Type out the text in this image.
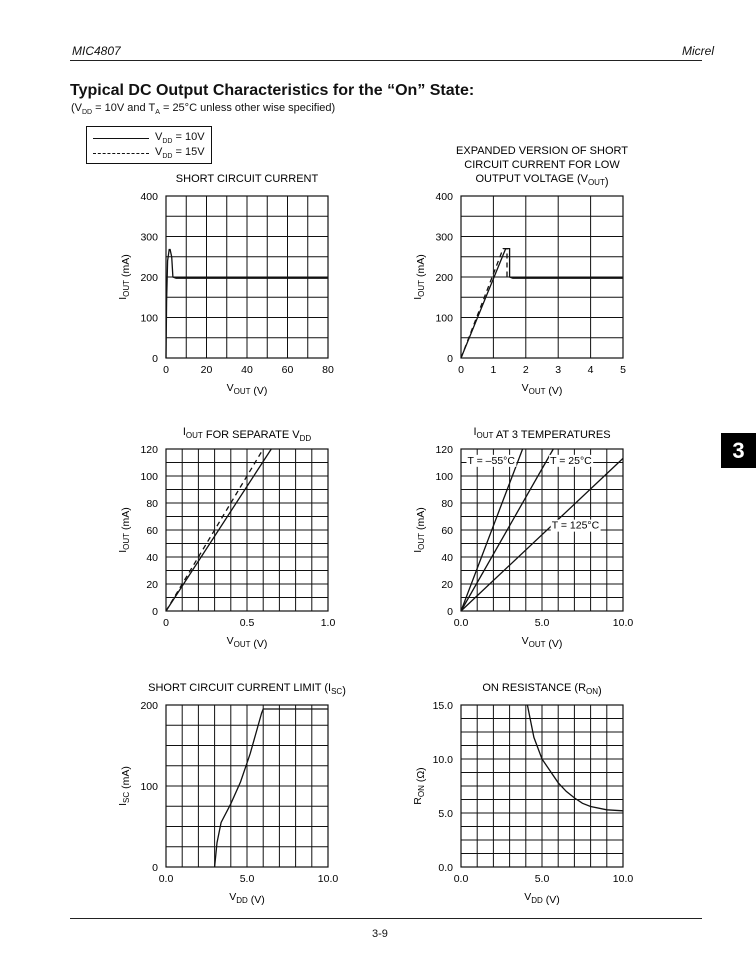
MIC4807	Micrel
Typical DC Output Characteristics for the “On” State:
($V_{DD} = 10V$ and $T_A = 25^\circ C$ unless other wise specified)
$V_{DD} = 10V$
$V_{DD} = 15V$
3
SHORT CIRCUIT CURRENT
0	20	40	60	80
0
100
200
300
400
$V_{OUT}$ (V)
$I_{OUT}$ (mA)
EXPANDED VERSION OF SHORT
CIRCUIT CURRENT FOR LOW
OUTPUT VOLTAGE $(V_{OUT})$
0	1	2	3	4	5
0
100
200
300
400
$V_{OUT}$ (V)
$I_{OUT}$ (mA)
$I_{OUT}$ FOR SEPARATE $V_{DD}$
0	0.5	1.0
0
20
40
60
80
100
120
$V_{OUT}$ (V)
$I_{OUT}$ (mA)
$I_{OUT}$ AT 3 TEMPERATURES
0.0	5.0	10.0
0
20
40
60
80
100
120
$V_{OUT}$ (V)
$I_{OUT}$ (mA)
T = –55°C	T = 25°C
T = 125°C
SHORT CIRCUIT CURRENT LIMIT $(I_{SC})$
0.0	5.0	10.0
0
100
200
$V_{DD}$ (V)
$I_{SC}$ (mA)
ON RESISTANCE $(R_{ON})$
0.0	5.0	10.0
0.0
5.0
10.0
15.0
$V_{DD}$ (V)
$R_{ON}$ (Ω)
3-9
